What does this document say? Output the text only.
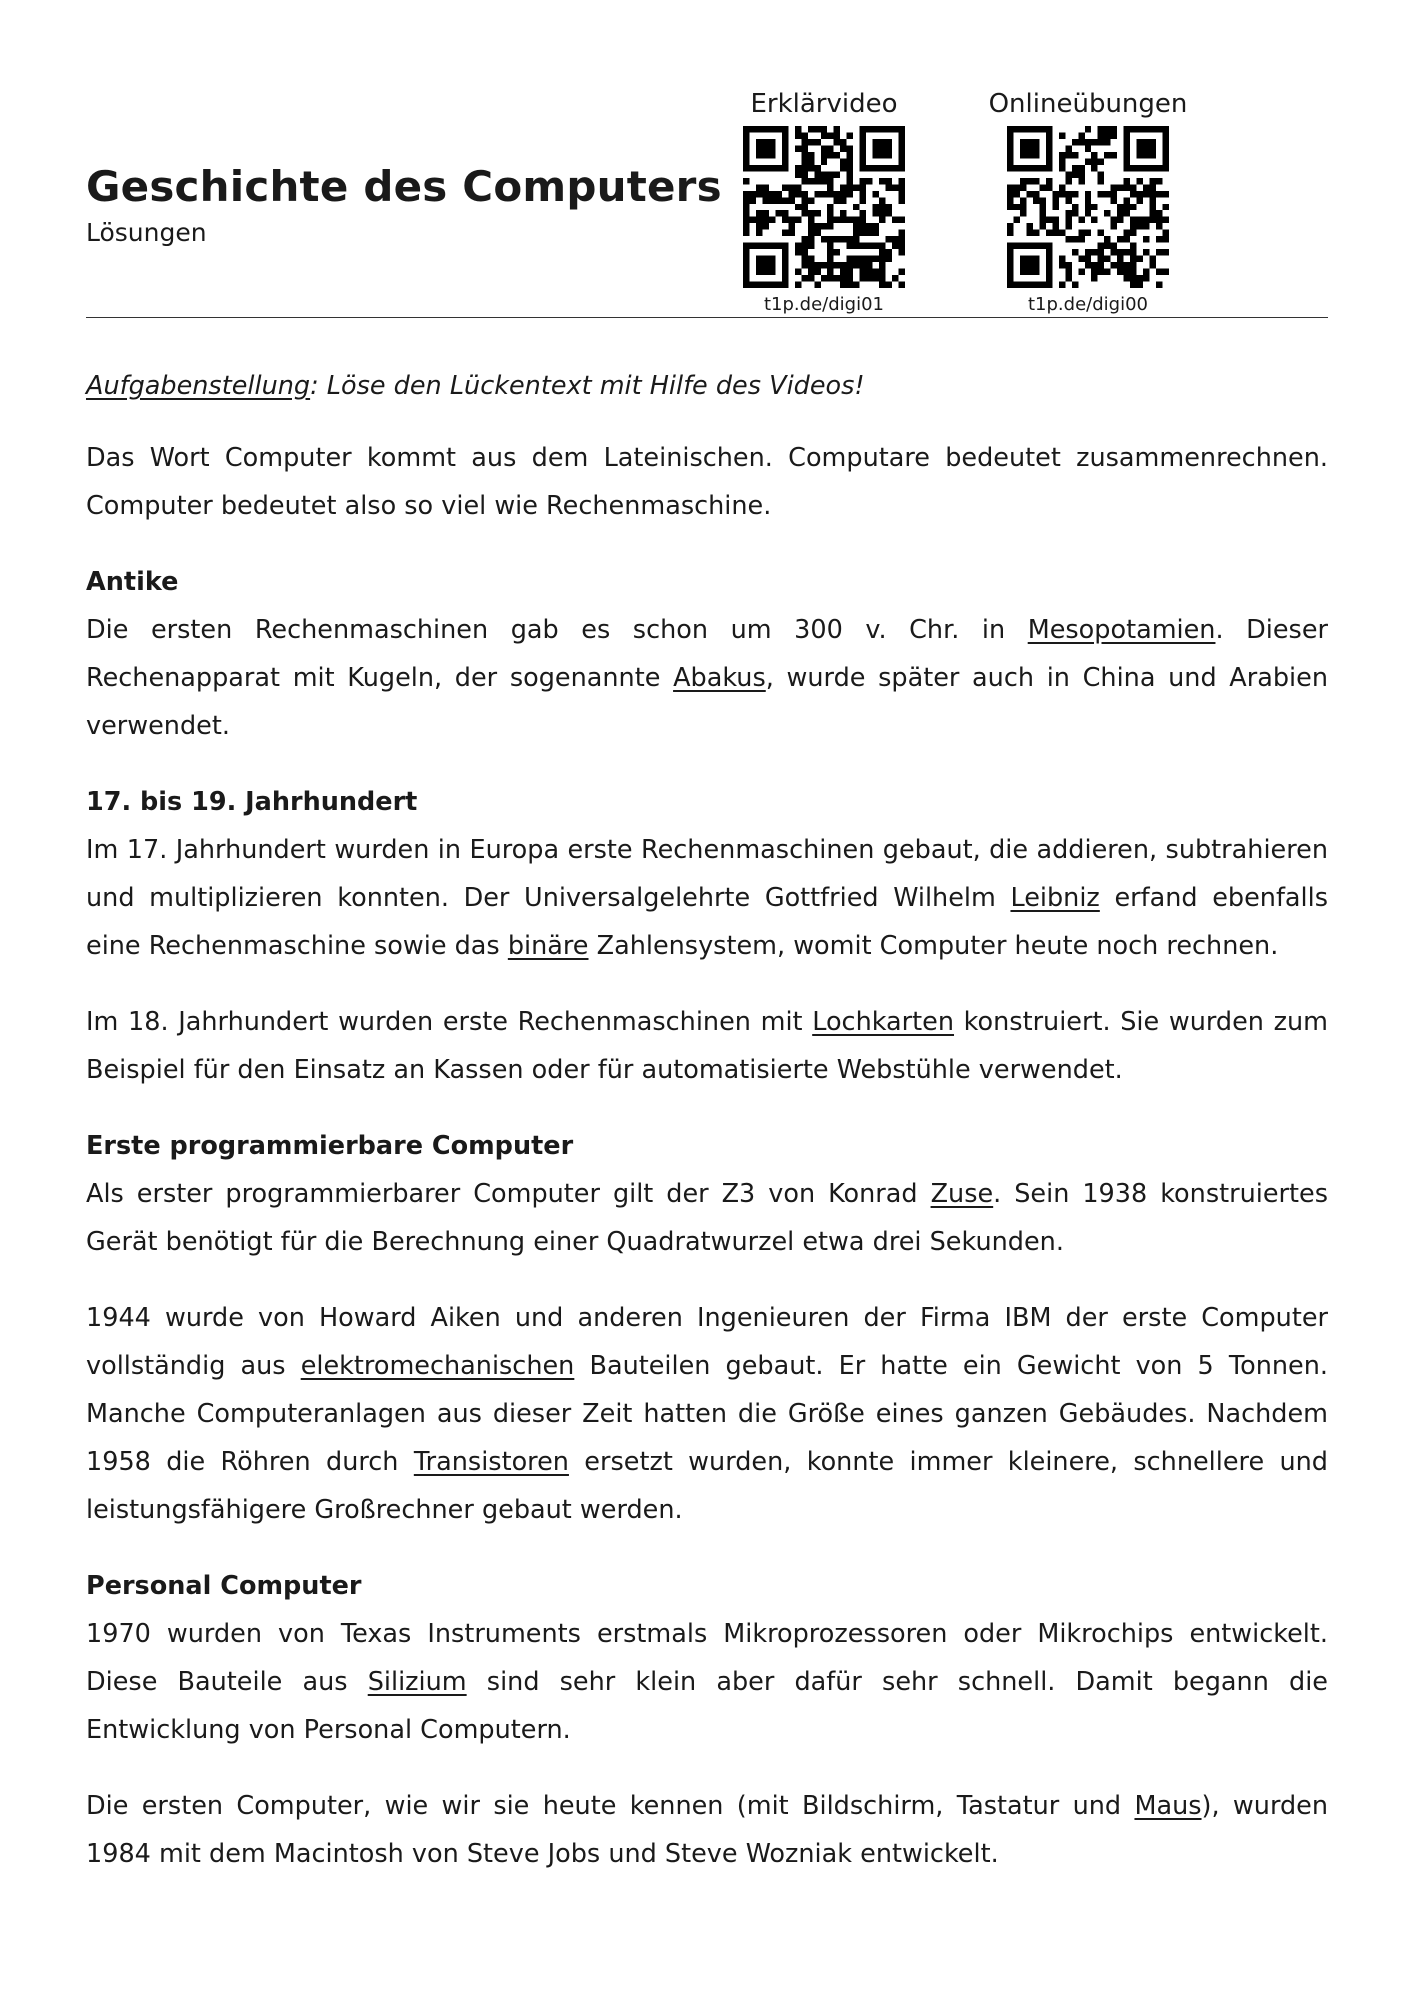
Geschichte des Computers
Lösungen
Erklärvideo
t1p.de/digi01
Onlineübungen
t1p.de/digi00

Aufgabenstellung: Löse den Lückentext mit Hilfe des Videos!

Das Wort Computer kommt aus dem Lateinischen. Computare bedeutet zusammenrechnen. Computer bedeutet also so viel wie Rechenmaschine.

Antike

Die ersten Rechenmaschinen gab es schon um 300 v. Chr. in Mesopotamien. Dieser Rechenapparat mit Kugeln, der sogenannte Abakus, wurde später auch in China und Arabien verwendet.

17. bis 19. Jahrhundert

Im 17. Jahrhundert wurden in Europa erste Rechenmaschinen gebaut, die addieren, subtrahieren und multiplizieren konnten. Der Universalgelehrte Gottfried Wilhelm Leibniz erfand ebenfalls eine Rechenmaschine sowie das binäre Zahlensystem, womit Computer heute noch rechnen.

Im 18. Jahrhundert wurden erste Rechenmaschinen mit Lochkarten konstruiert. Sie wurden zum Beispiel für den Einsatz an Kassen oder für automatisierte Webstühle verwendet.

Erste programmierbare Computer

Als erster programmierbarer Computer gilt der Z3 von Konrad Zuse. Sein 1938 konstruiertes Gerät benötigt für die Berechnung einer Quadratwurzel etwa drei Sekunden.

1944 wurde von Howard Aiken und anderen Ingenieuren der Firma IBM der erste Computer vollständig aus elektromechanischen Bauteilen gebaut. Er hatte ein Gewicht von 5 Tonnen. Manche Computeranlagen aus dieser Zeit hatten die Größe eines ganzen Gebäudes. Nachdem 1958 die Röhren durch Transistoren ersetzt wurden, konnte immer kleinere, schnellere und leistungsfähigere Großrechner gebaut werden.

Personal Computer

1970 wurden von Texas Instruments erstmals Mikroprozessoren oder Mikrochips entwickelt. Diese Bauteile aus Silizium sind sehr klein aber dafür sehr schnell. Damit begann die Entwicklung von Personal Computern.

Die ersten Computer, wie wir sie heute kennen (mit Bildschirm, Tastatur und Maus), wurden 1984 mit dem Macintosh von Steve Jobs und Steve Wozniak entwickelt.
